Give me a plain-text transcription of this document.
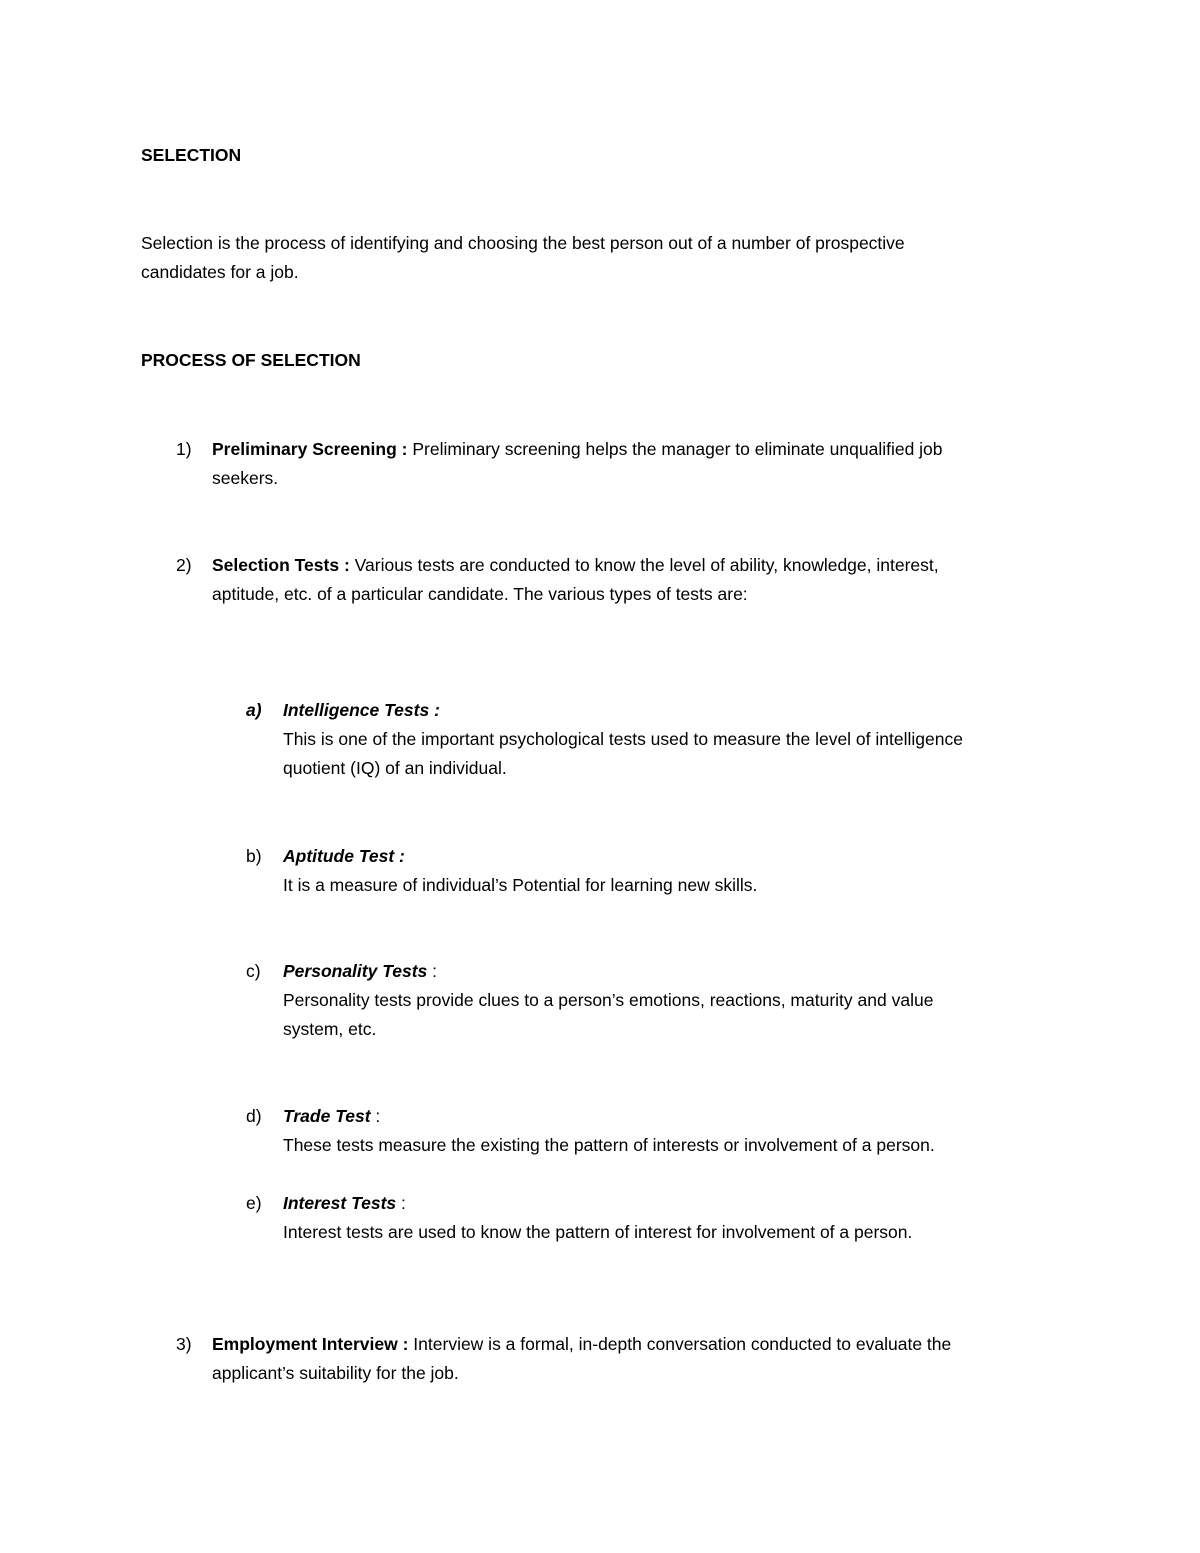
SELECTION
Selection is the process of identifying and choosing the best person out of a number of prospective
candidates for a job.
PROCESS OF SELECTION
1) Preliminary Screening : Preliminary screening helps the manager to eliminate unqualified job
seekers.
2) Selection Tests : Various tests are conducted to know the level of ability, knowledge, interest,
aptitude, etc. of a particular candidate. The various types of tests are:
a) Intelligence Tests :
This is one of the important psychological tests used to measure the level of intelligence
quotient (IQ) of an individual.
b) Aptitude Test :
It is a measure of individual’s Potential for learning new skills.
c) Personality Tests :
Personality tests provide clues to a person’s emotions, reactions, maturity and value
system, etc.
d) Trade Test :
These tests measure the existing the pattern of interests or involvement of a person.
e) Interest Tests :
Interest tests are used to know the pattern of interest for involvement of a person.
3) Employment Interview : Interview is a formal, in-depth conversation conducted to evaluate the
applicant’s suitability for the job.
